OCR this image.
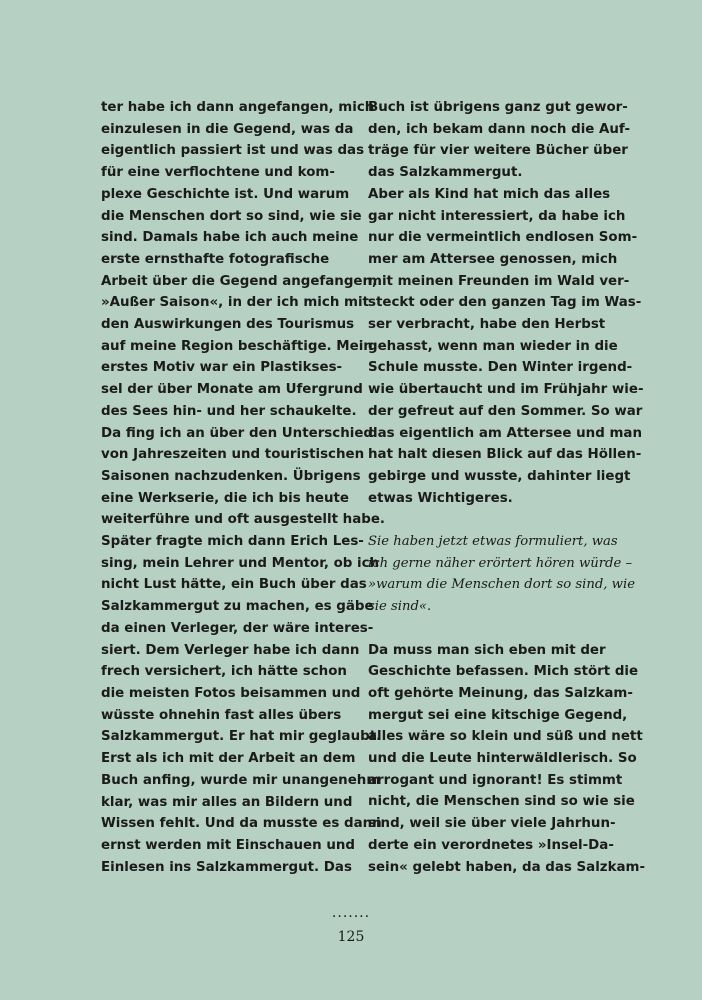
ter habe ich dann angefangen, mich
einzulesen in die Gegend, was da
eigentlich passiert ist und was das
für eine verflochtene und kom-
plexe Geschichte ist. Und warum
die Menschen dort so sind, wie sie
sind. Damals habe ich auch meine
erste ernsthafte fotografische
Arbeit über die Gegend angefangen,
»Außer Saison«, in der ich mich mit
den Auswirkungen des Tourismus
auf meine Region beschäftige. Mein
erstes Motiv war ein Plastikses-
sel der über Monate am Ufergrund
des Sees hin- und her schaukelte.
Da fing ich an über den Unterschied
von Jahreszeiten und touristischen
Saisonen nachzudenken. Übrigens
eine Werkserie, die ich bis heute
weiterführe und oft ausgestellt habe.
Später fragte mich dann Erich Les-
sing, mein Lehrer und Mentor, ob ich
nicht Lust hätte, ein Buch über das
Salzkammergut zu machen, es gäbe
da einen Verleger, der wäre interes-
siert. Dem Verleger habe ich dann
frech versichert, ich hätte schon
die meisten Fotos beisammen und
wüsste ohnehin fast alles übers
Salzkammergut. Er hat mir geglaubt.
Erst als ich mit der Arbeit an dem
Buch anfing, wurde mir unangenehm
klar, was mir alles an Bildern und
Wissen fehlt. Und da musste es dann
ernst werden mit Einschauen und
Einlesen ins Salzkammergut. Das
Buch ist übrigens ganz gut gewor-
den, ich bekam dann noch die Auf-
träge für vier weitere Bücher über
das Salzkammergut.
Aber als Kind hat mich das alles
gar nicht interessiert, da habe ich
nur die vermeintlich endlosen Som-
mer am Attersee genossen, mich
mit meinen Freunden im Wald ver-
steckt oder den ganzen Tag im Was-
ser verbracht, habe den Herbst
gehasst, wenn man wieder in die
Schule musste. Den Winter irgend-
wie übertaucht und im Frühjahr wie-
der gefreut auf den Sommer. So war
das eigentlich am Attersee und man
hat halt diesen Blick auf das Höllen-
gebirge und wusste, dahinter liegt
etwas Wichtigeres.
Sie haben jetzt etwas formuliert, was
ich gerne näher erörtert hören würde –
»warum die Menschen dort so sind, wie
sie sind«.
Da muss man sich eben mit der
Geschichte befassen. Mich stört die
oft gehörte Meinung, das Salzkam-
mergut sei eine kitschige Gegend,
alles wäre so klein und süß und nett
und die Leute hinterwäldlerisch. So
arrogant und ignorant! Es stimmt
nicht, die Menschen sind so wie sie
sind, weil sie über viele Jahrhun-
derte ein verordnetes »Insel-Da-
sein« gelebt haben, da das Salzkam-
.......
125
